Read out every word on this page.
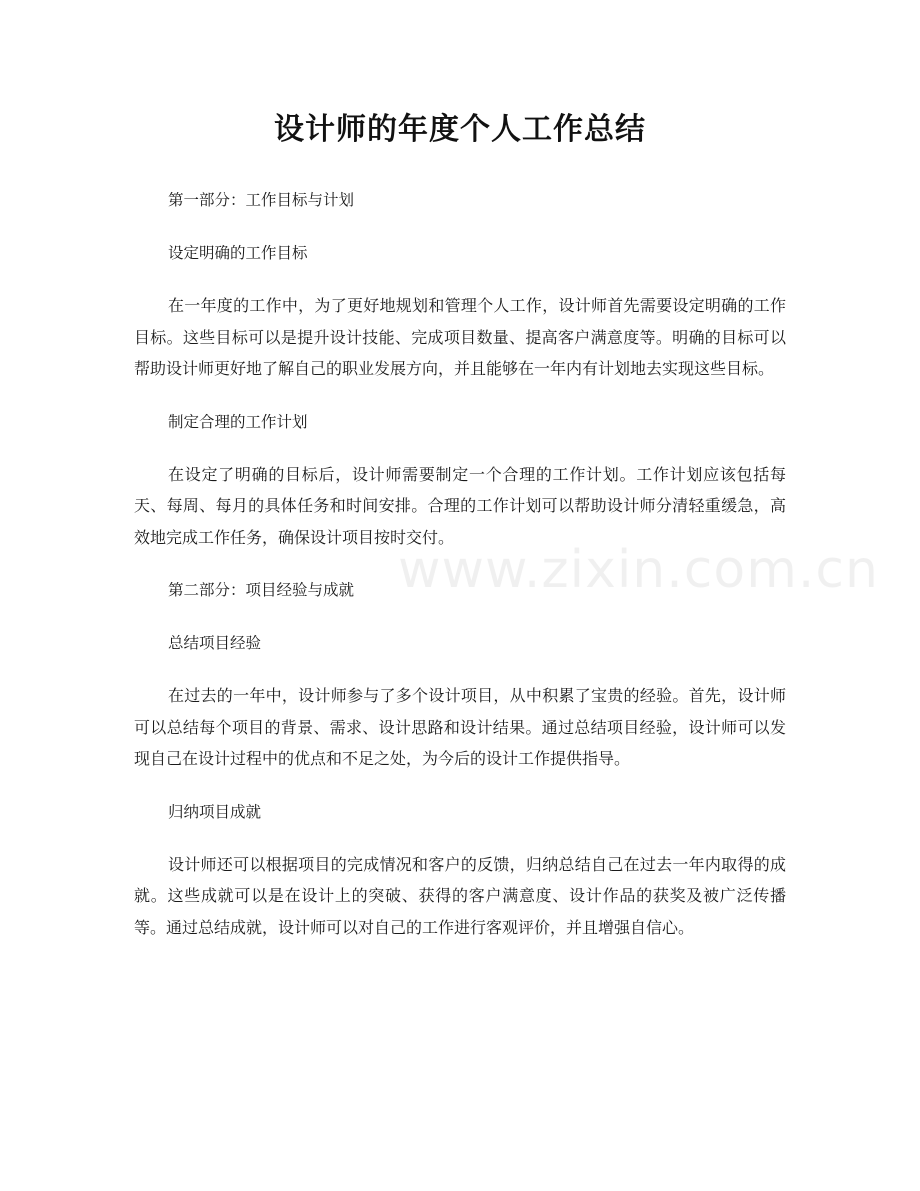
设计师的年度个人工作总结
第一部分：工作目标与计划
设定明确的工作目标
在一年度的工作中，为了更好地规划和管理个人工作，设计师首先需要设定明确的工作目标。这些目标可以是提升设计技能、完成项目数量、提高客户满意度等。明确的目标可以帮助设计师更好地了解自己的职业发展方向，并且能够在一年内有计划地去实现这些目标。
制定合理的工作计划
在设定了明确的目标后，设计师需要制定一个合理的工作计划。工作计划应该包括每天、每周、每月的具体任务和时间安排。合理的工作计划可以帮助设计师分清轻重缓急，高效地完成工作任务，确保设计项目按时交付。
第二部分：项目经验与成就
总结项目经验
在过去的一年中，设计师参与了多个设计项目，从中积累了宝贵的经验。首先，设计师可以总结每个项目的背景、需求、设计思路和设计结果。通过总结项目经验，设计师可以发现自己在设计过程中的优点和不足之处，为今后的设计工作提供指导。
归纳项目成就
设计师还可以根据项目的完成情况和客户的反馈，归纳总结自己在过去一年内取得的成就。这些成就可以是在设计上的突破、获得的客户满意度、设计作品的获奖及被广泛传播等。通过总结成就，设计师可以对自己的工作进行客观评价，并且增强自信心。
www.zixin.com.cn
